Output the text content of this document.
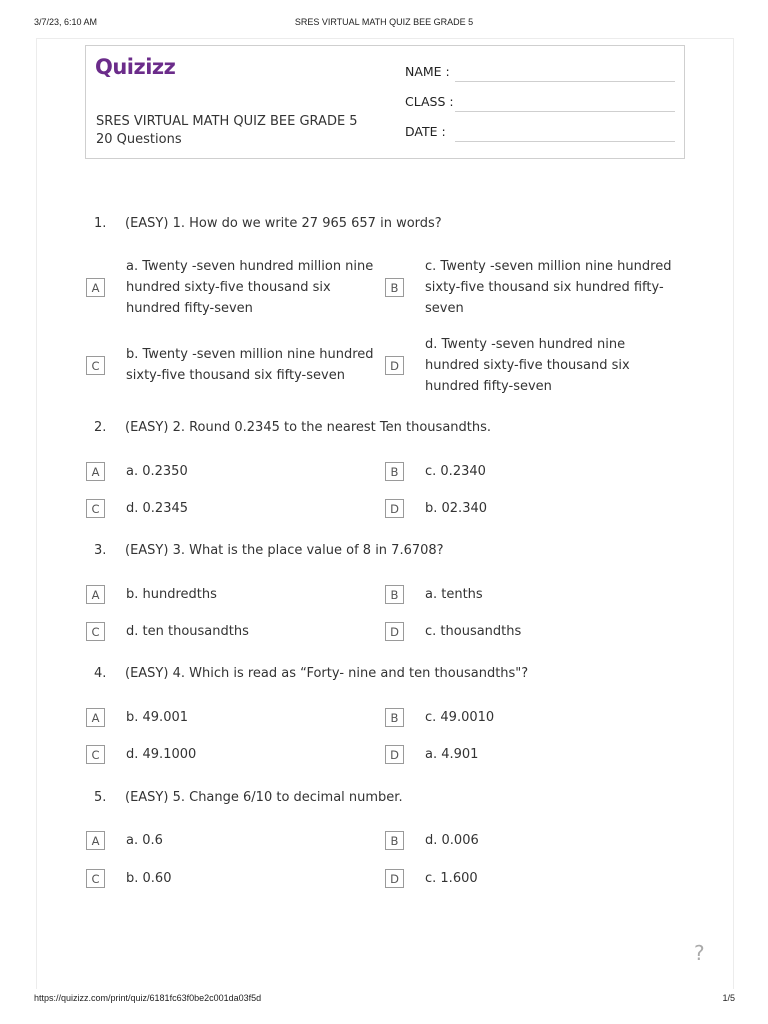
3/7/23, 6:10 AM	SRES VIRTUAL MATH QUIZ BEE GRADE 5
Quizizz
SRES VIRTUAL MATH QUIZ BEE GRADE 5
20 Questions
NAME :
CLASS :
DATE :
1. (EASY) 1. How do we write 27 965 657 in words?
A
a. Twenty -seven hundred million nine hundred sixty-five thousand six hundred fifty-seven
B
c. Twenty -seven million nine hundred sixty-five thousand six hundred fifty-seven
C
b. Twenty -seven million nine hundred sixty-five thousand six fifty-seven
D
d. Twenty -seven hundred nine hundred sixty-five thousand six hundred fifty-seven
2. (EASY) 2. Round 0.2345 to the nearest Ten thousandths.
A	a. 0.2350	B	c. 0.2340
C	d. 0.2345	D	b. 02.340
3. (EASY) 3. What is the place value of 8 in 7.6708?
A	b. hundredths	B	a. tenths
C	d. ten thousandths	D	c. thousandths
4. (EASY) 4. Which is read as “Forty- nine and ten thousandths"?
A	b. 49.001	B	c. 49.0010
C	d. 49.1000	D	a. 4.901
5. (EASY) 5. Change 6/10 to decimal number.
A	a. 0.6	B	d. 0.006
C	b. 0.60	D	c. 1.600
?
https://quizizz.com/print/quiz/6181fc63f0be2c001da03f5d	1/5
